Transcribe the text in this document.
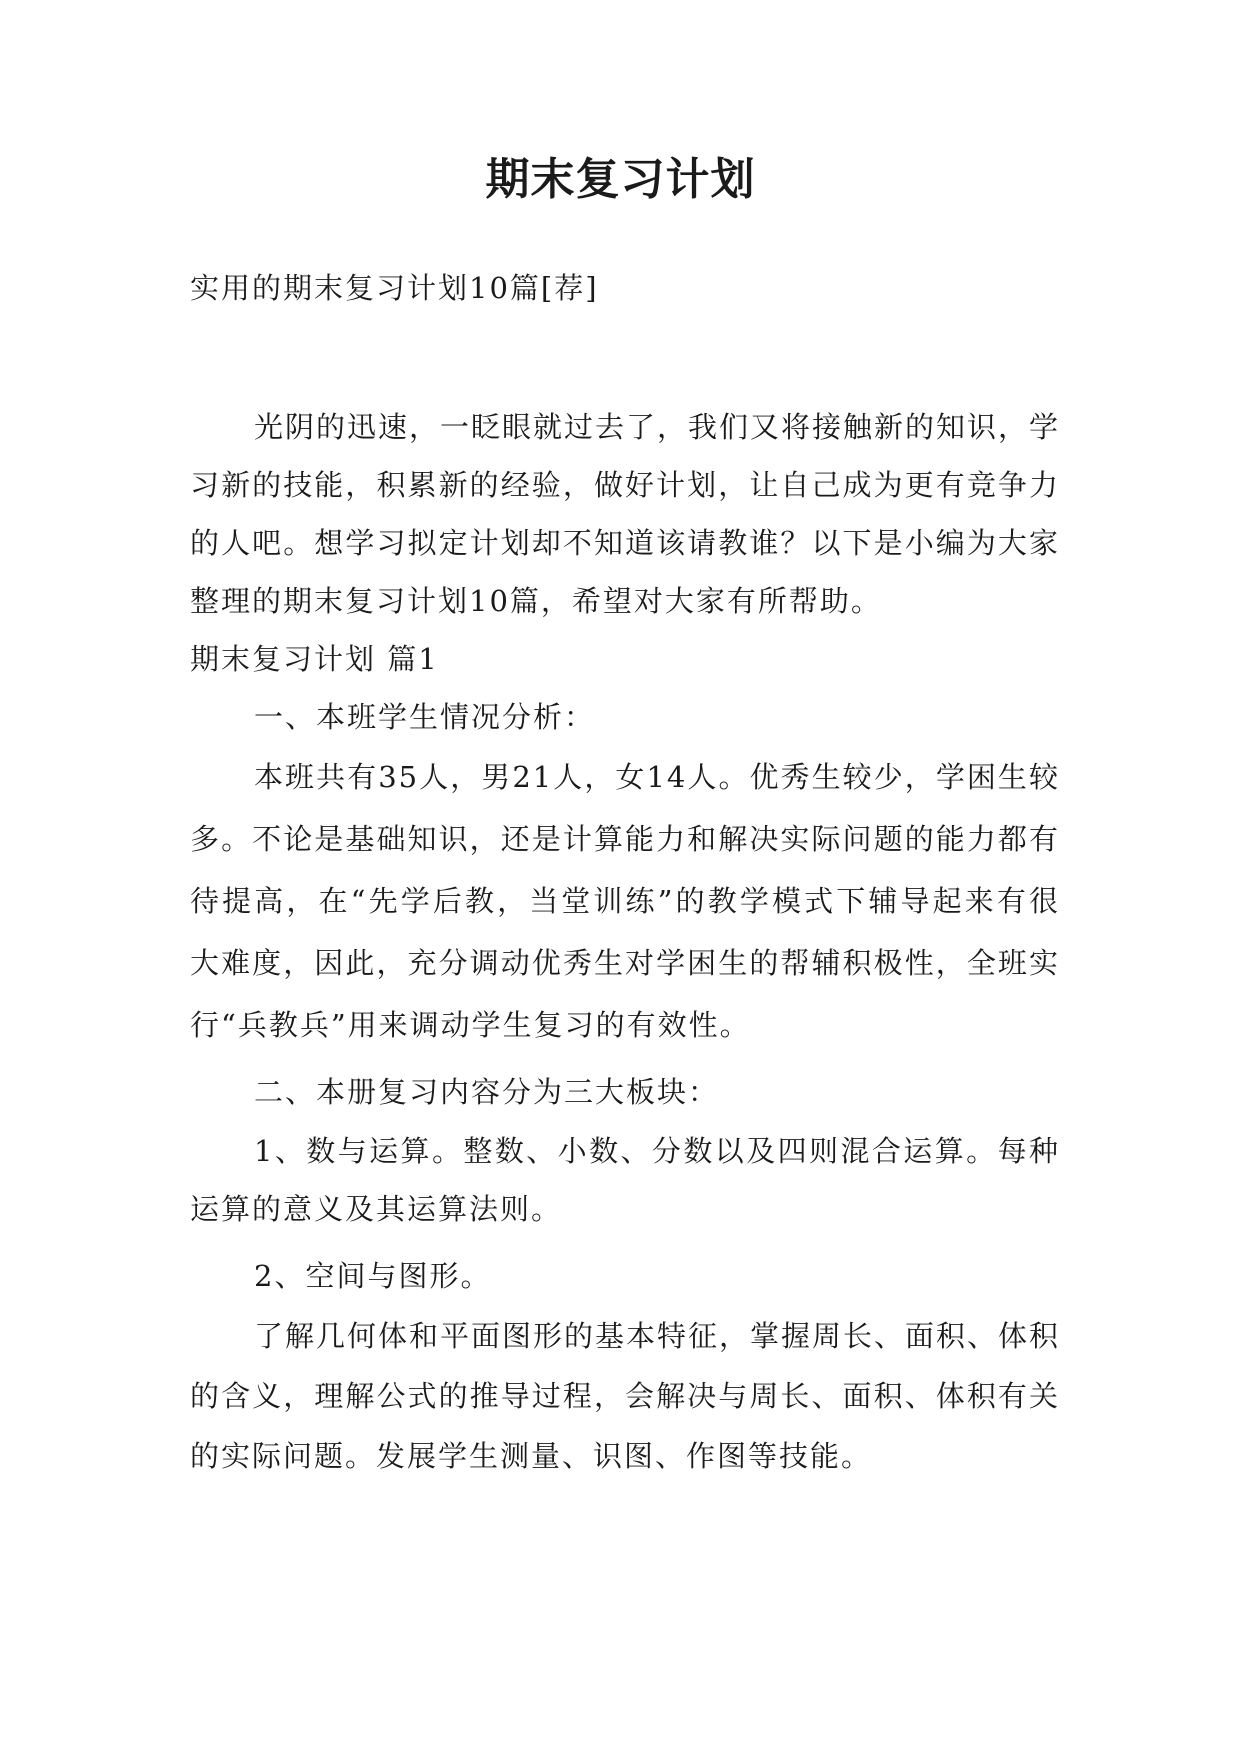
期末复习计划

实用的期末复习计划10篇[荐]

光阴的迅速，一眨眼就过去了，我们又将接触新的知识，学习新的技能，积累新的经验，做好计划，让自己成为更有竞争力的人吧。想学习拟定计划却不知道该请教谁？以下是小编为大家整理的期末复习计划10篇，希望对大家有所帮助。

期末复习计划 篇1

一、本班学生情况分析：

本班共有35人，男21人，女14人。优秀生较少，学困生较多。不论是基础知识，还是计算能力和解决实际问题的能力都有待提高，在“先学后教，当堂训练”的教学模式下辅导起来有很大难度，因此，充分调动优秀生对学困生的帮辅积极性，全班实行“兵教兵”用来调动学生复习的有效性。

二、本册复习内容分为三大板块：

1、数与运算。整数、小数、分数以及四则混合运算。每种运算的意义及其运算法则。

2、空间与图形。

了解几何体和平面图形的基本特征，掌握周长、面积、体积的含义，理解公式的推导过程，会解决与周长、面积、体积有关的实际问题。发展学生测量、识图、作图等技能。
